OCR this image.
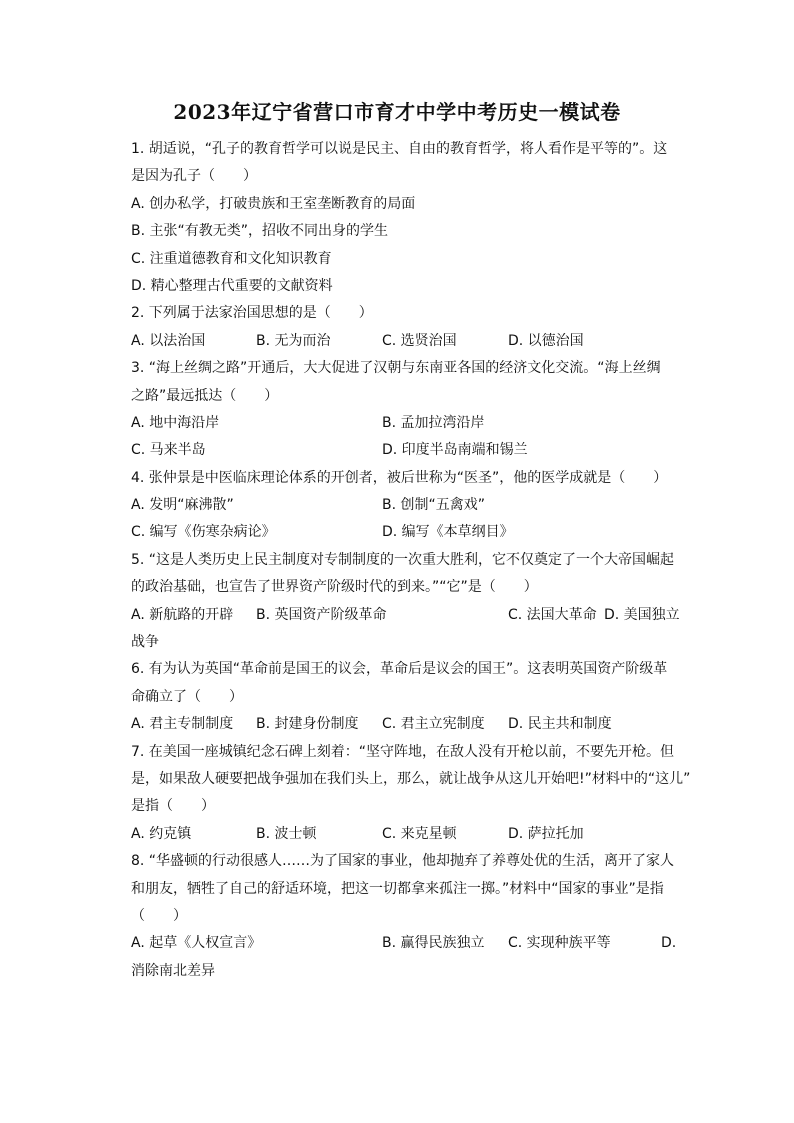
2023年辽宁省营口市育才中学中考历史一模试卷
1. 胡适说，“孔子的教育哲学可以说是民主、自由的教育哲学，将人看作是平等的”。这
是因为孔子（　　）
A. 创办私学，打破贵族和王室垄断教育的局面
B. 主张“有教无类”，招收不同出身的学生
C. 注重道德教育和文化知识教育
D. 精心整理古代重要的文献资料
2. 下列属于法家治国思想的是（　　）
A. 以法治国	B. 无为而治	C. 选贤治国	D. 以德治国
3. “海上丝绸之路”开通后，大大促进了汉朝与东南亚各国的经济文化交流。“海上丝绸
之路”最远抵达（　　）
A. 地中海沿岸	B. 孟加拉湾沿岸
C. 马来半岛	D. 印度半岛南端和锡兰
4. 张仲景是中医临床理论体系的开创者，被后世称为“医圣”，他的医学成就是（　　）
A. 发明“麻沸散”	B. 创制“五禽戏”
C. 编写《伤寒杂病论》	D. 编写《本草纲目》
5. “这是人类历史上民主制度对专制制度的一次重大胜利，它不仅奠定了一个大帝国崛起
的政治基础，也宣告了世界资产阶级时代的到来。”“它”是（　　）
A. 新航路的开辟 B. 英国资产阶级革命	C. 法国大革命 D. 美国独立
战争
6. 有为认为英国“革命前是国王的议会，革命后是议会的国王”。这表明英国资产阶级革
命确立了（　　）
A. 君主专制制度 B. 封建身份制度 C. 君主立宪制度 D. 民主共和制度
7. 在美国一座城镇纪念石碑上刻着：“坚守阵地，在敌人没有开枪以前，不要先开枪。但
是，如果敌人硬要把战争强加在我们头上，那么，就让战争从这儿开始吧!”材料中的“这儿”
是指（　　）
A. 约克镇	B. 波士顿	C. 来克星顿	D. 萨拉托加
8. “华盛顿的行动很感人……为了国家的事业，他却抛弃了养尊处优的生活，离开了家人
和朋友，牺牲了自己的舒适环境，把这一切都拿来孤注一掷。”材料中“国家的事业”是指
（　　）
A. 起草《人权宣言》	B. 赢得民族独立 C. 实现种族平等	D.
消除南北差异
